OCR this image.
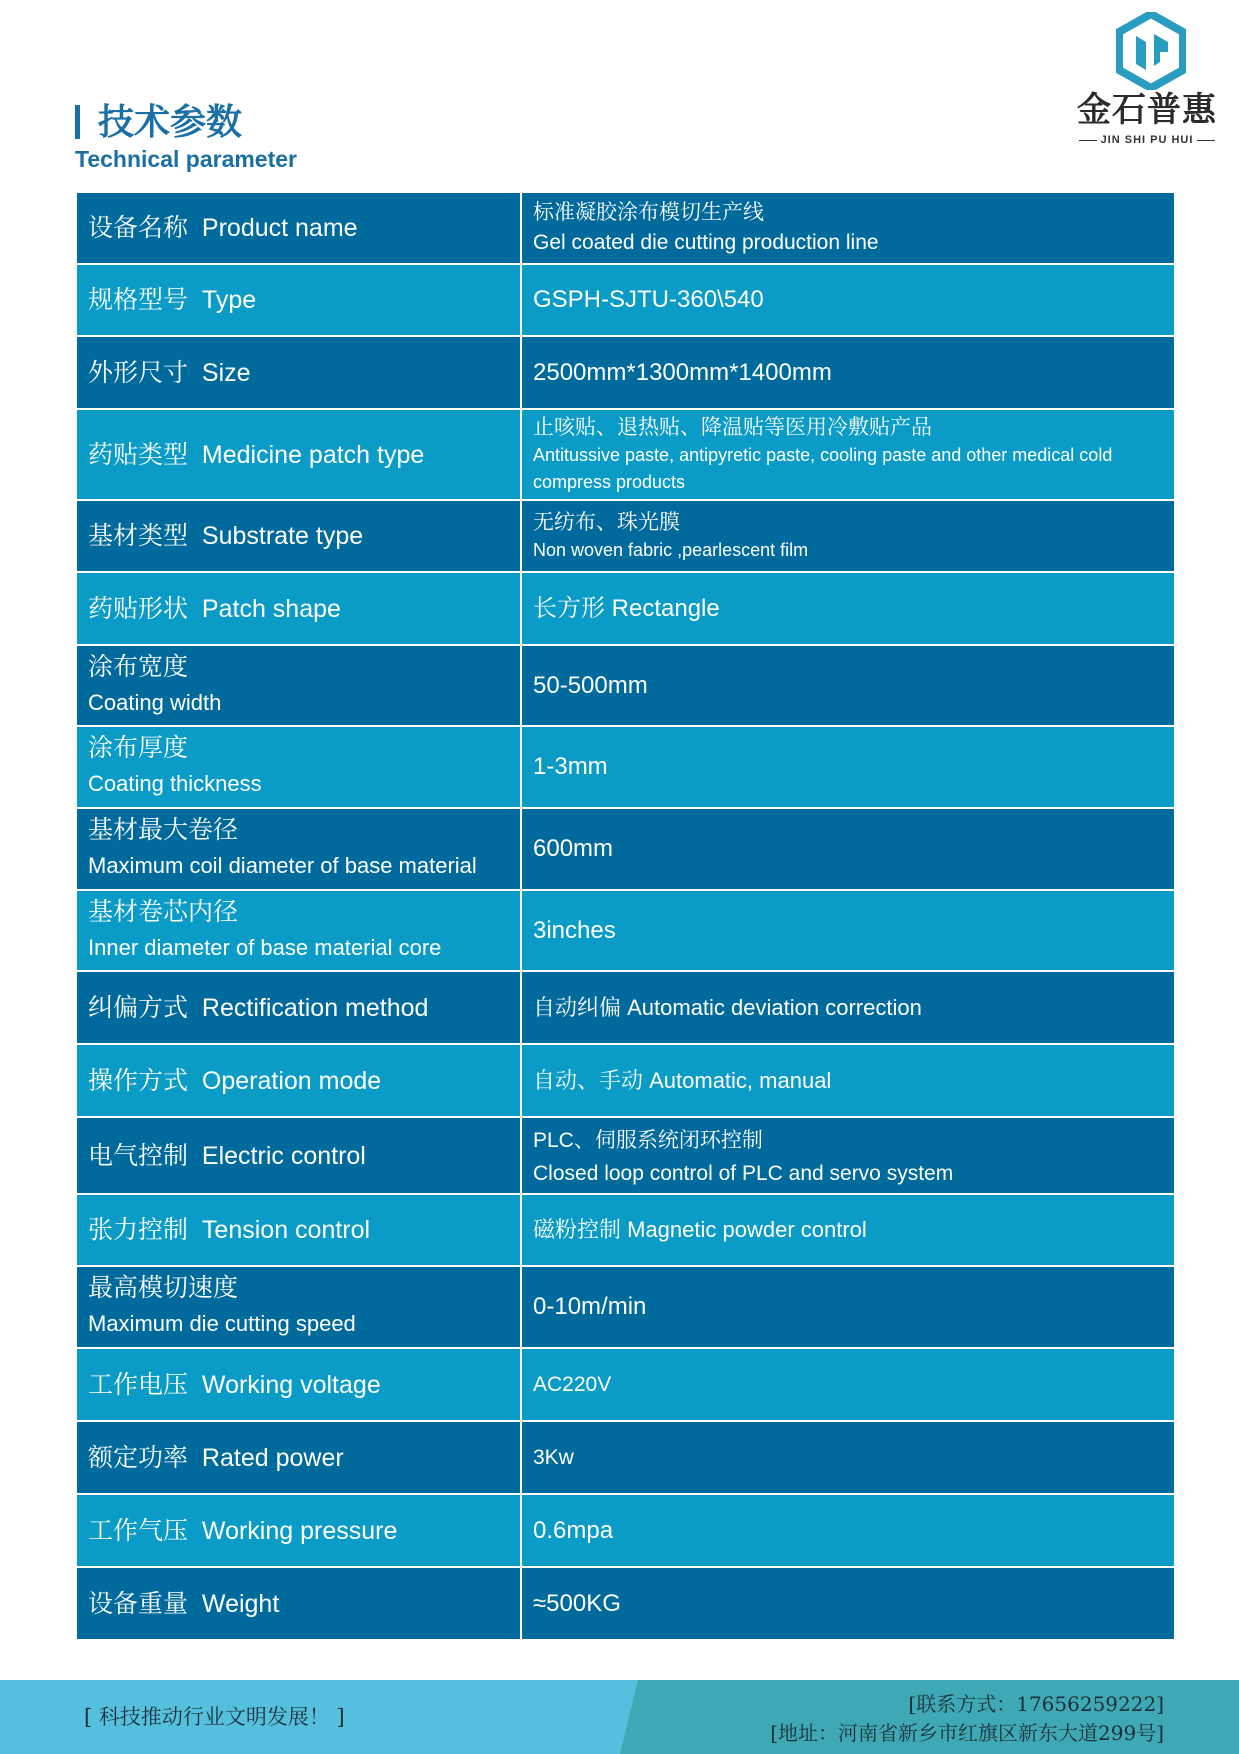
技术参数
Technical parameter
金石普惠
JIN SHI PU HUI
设备名称 Product name	标准凝胶涂布模切生产线
Gel coated die cutting production line

规格型号 Type	GSPH-SJTU-360\540
外形尺寸 Size	2500mm*1300mm*1400mm
药贴类型 Medicine patch type	止咳贴、退热贴、降温贴等医用冷敷贴产品
Antitussive paste, antipyretic paste, cooling paste and other medical cold compress products

基材类型 Substrate type	无纺布、珠光膜
Non woven fabric ,pearlescent film

药贴形状 Patch shape	长方形 Rectangle

涂布宽度
Coating width	50-500mm

涂布厚度
Coating thickness	1-3mm

基材最大卷径
Maximum coil diameter of base material	600mm

基材卷芯内径
Inner diameter of base material core	3inches
纠偏方式 Rectification method	自动纠偏 Automatic deviation correction
操作方式 Operation mode	自动、手动 Automatic, manual
电气控制 Electric control	PLC、伺服系统闭环控制
Closed loop control of PLC and servo system

张力控制 Tension control	磁粉控制 Magnetic powder control

最高模切速度
Maximum die cutting speed	0-10m/min
工作电压 Working voltage	AC220V
额定功率 Rated power	3Kw
工作气压 Working pressure	0.6mpa
设备重量 Weight	≈500KG
[ 科技推动行业文明发展！ ]
[联系方式：17656259222]
[地址：河南省新乡市红旗区新东大道299号]
